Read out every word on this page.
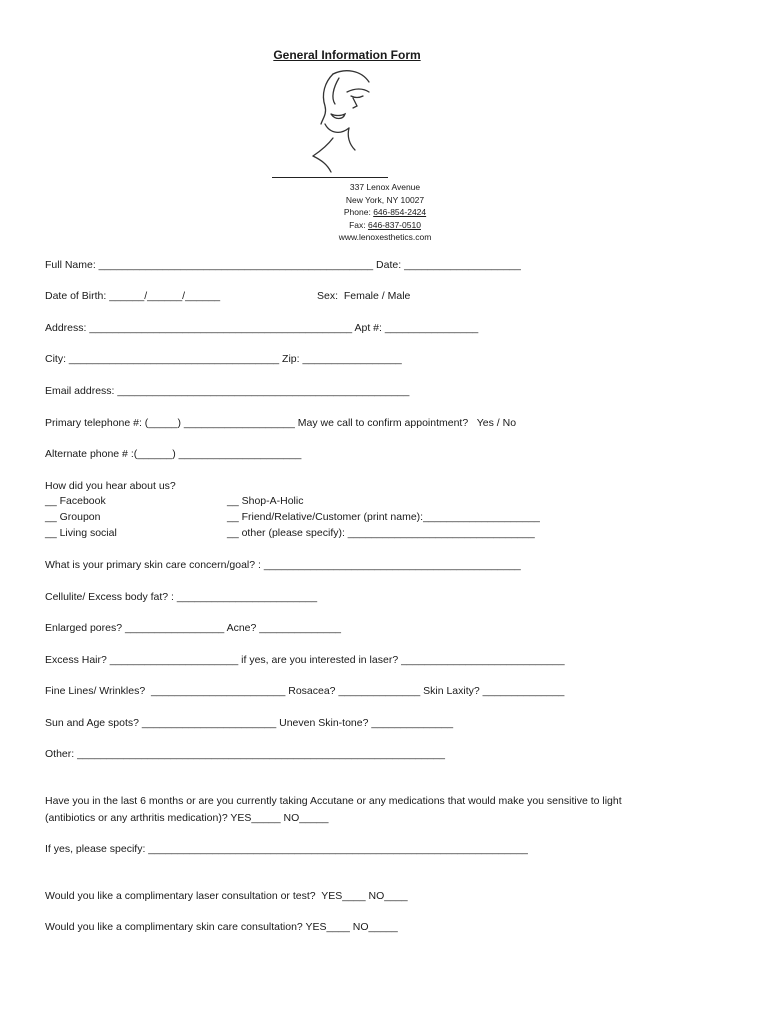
General Information Form
337 Lenox Avenue
New York, NY 10027
Phone: 646-854-2424
Fax: 646-837-0510
www.lenoxesthetics.com
Full Name: _______________________________________________ Date: ____________________
Date of Birth: ______/______/______	Sex:  Female / Male
Address: _____________________________________________ Apt #: ________________
City: ____________________________________ Zip: _________________
Email address: __________________________________________________
Primary telephone #: (_____) ___________________ May we call to confirm appointment?   Yes / No
Alternate phone # :(______) _____________________
How did you hear about us?
__ Facebook
__ Groupon
__ Living social
__ Shop-A-Holic
__ Friend/Relative/Customer (print name):____________________
__ other (please specify): ________________________________
What is your primary skin care concern/goal? : ____________________________________________
Cellulite/ Excess body fat? : ________________________
Enlarged pores? _________________ Acne? ______________
Excess Hair? ______________________ if yes, are you interested in laser? ____________________________
Fine Lines/ Wrinkles?  _______________________ Rosacea? ______________ Skin Laxity? ______________
Sun and Age spots? _______________________ Uneven Skin-tone? ______________
Other: _______________________________________________________________
Have you in the last 6 months or are you currently taking Accutane or any medications that would make you sensitive to light
(antibiotics or any arthritis medication)? YES_____ NO_____
If yes, please specify: _________________________________________________________________
Would you like a complimentary laser consultation or test?  YES____ NO____
Would you like a complimentary skin care consultation? YES____ NO_____
